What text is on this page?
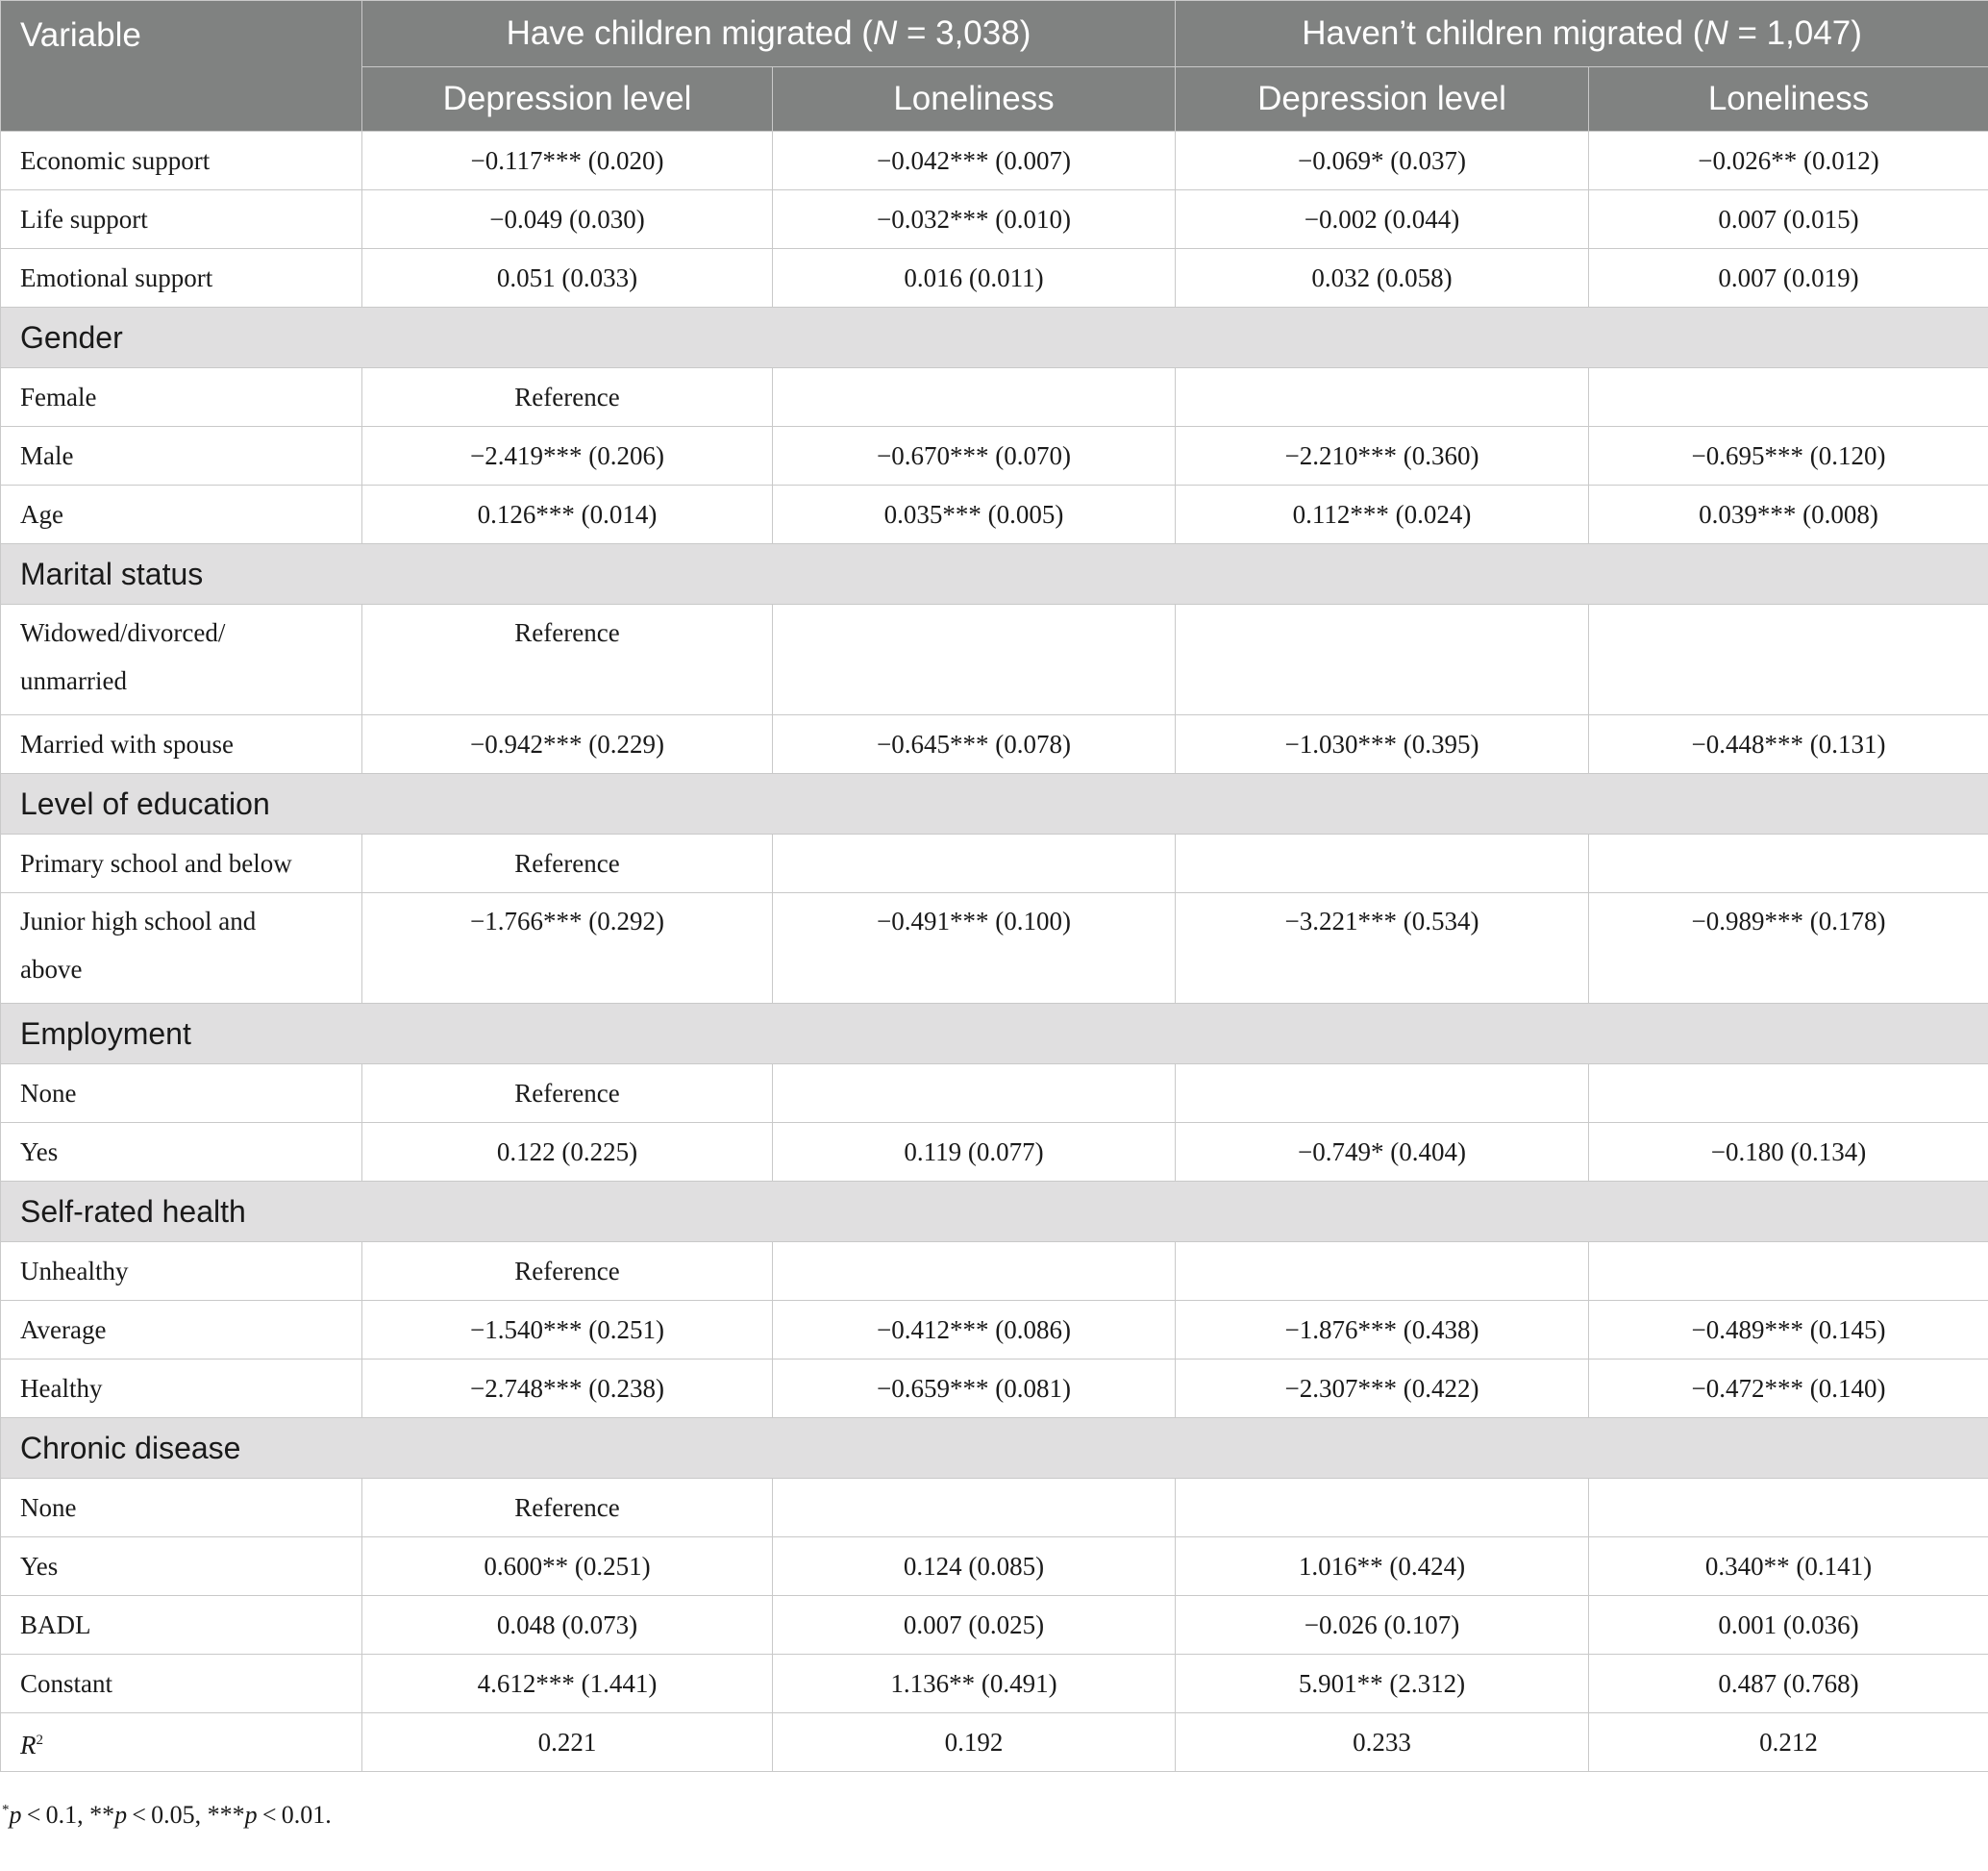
Variable	Have children migrated (N = 3,038)		Haven’t children migrated (N = 1,047)	
	Depression level	Loneliness	Depression level	Loneliness
Economic support	−0.117*** (0.020)	−0.042*** (0.007)	−0.069* (0.037)	−0.026** (0.012)
Life support	−0.049 (0.030)	−0.032*** (0.010)	−0.002 (0.044)	0.007 (0.015)
Emotional support	0.051 (0.033)	0.016 (0.011)	0.032 (0.058)	0.007 (0.019)
Gender				
Female	Reference			
Male	−2.419*** (0.206)	−0.670*** (0.070)	−2.210*** (0.360)	−0.695*** (0.120)
Age	0.126*** (0.014)	0.035*** (0.005)	0.112*** (0.024)	0.039*** (0.008)
Marital status				
Widowed/divorced/
unmarried	Reference			
Married with spouse	−0.942*** (0.229)	−0.645*** (0.078)	−1.030*** (0.395)	−0.448*** (0.131)
Level of education				
Primary school and below	Reference			
Junior high school and
above	−1.766*** (0.292)	−0.491*** (0.100)	−3.221*** (0.534)	−0.989*** (0.178)
Employment				
None	Reference			
Yes	0.122 (0.225)	0.119 (0.077)	−0.749* (0.404)	−0.180 (0.134)
Self-rated health				
Unhealthy	Reference			
Average	−1.540*** (0.251)	−0.412*** (0.086)	−1.876*** (0.438)	−0.489*** (0.145)
Healthy	−2.748*** (0.238)	−0.659*** (0.081)	−2.307*** (0.422)	−0.472*** (0.140)
Chronic disease				
None	Reference			
Yes	0.600** (0.251)	0.124 (0.085)	1.016** (0.424)	0.340** (0.141)
BADL	0.048 (0.073)	0.007 (0.025)	−0.026 (0.107)	0.001 (0.036)
Constant	4.612*** (1.441)	1.136** (0.491)	5.901** (2.312)	0.487 (0.768)
$R^2$	0.221	0.192	0.233	0.212
*p < 0.1, **p < 0.05, ***p < 0.01.
